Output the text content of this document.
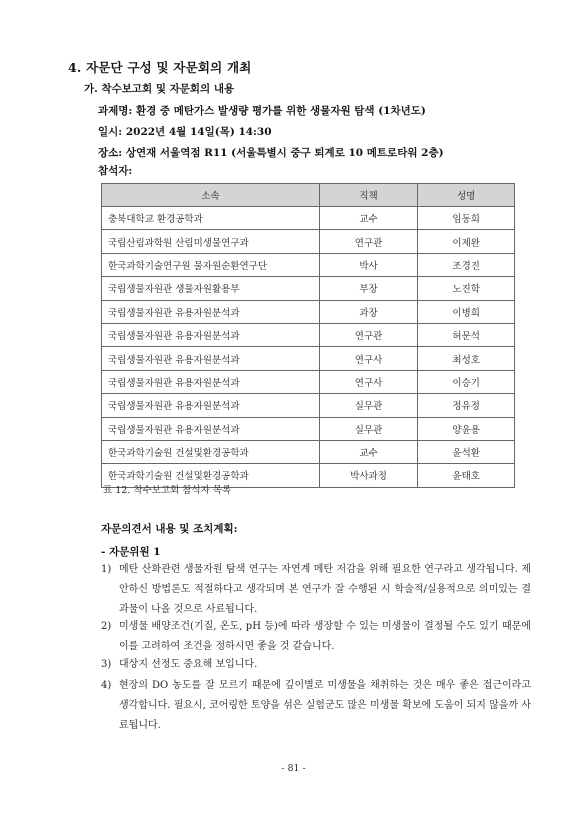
4. 자문단 구성 및 자문회의 개최
가. 착수보고회 및 자문회의 내용
과제명: 환경 중 메탄가스 발생량 평가를 위한 생물자원 탐색 (1차년도)
일시: 2022년 4월 14일(목) 14:30
장소: 상연재 서울역점 R11 (서울특별시 중구 퇴계로 10 메트로타워 2층)
참석자:
소속	직책	성명
충북대학교 환경공학과	교수	임동희
국립산림과학원 산림미생물연구과	연구관	이제완
한국과학기술연구원 물자원순환연구단	박사	조경진
국립생물자원관 생물자원활용부	부장	노진학
국립생물자원관 유용자원분석과	과장	이병희
국립생물자원관 유용자원분석과	연구관	허문석
국립생물자원관 유용자원분석과	연구사	최성호
국립생물자원관 유용자원분석과	연구사	이승기
국립생물자원관 유용자원분석과	실무관	정유정
국립생물자원관 유용자원분석과	실무관	양윤용
한국과학기술원 건설및환경공학과	교수	윤석환
한국과학기술원 건설및환경공학과	박사과정	윤태호
표 12. 착수보고회 참석자 목록
자문의견서 내용 및 조치계획:
- 자문위원 1
1) 메탄 산화관련 생물자원 탐색 연구는 자연계 메탄 저감을 위해 필요한 연구라고 생각됩니다. 제안하신 방법론도 적절하다고 생각되며 본 연구가 잘 수행된 시 학술적/실용적으로 의미있는 결과물이 나올 것으로 사료됩니다.
2) 미생물 배양조건(기질, 온도, pH 등)에 따라 생장할 수 있는 미생물이 결정될 수도 있기 때문에 이를 고려하여 조건을 정하시면 좋을 것 같습니다.
3) 대상지 선정도 중요해 보입니다.
4) 현장의 DO 농도를 잘 모르기 때문에 깊이별로 미생물을 채취하는 것은 매우 좋은 접근이라고 생각합니다. 필요시, 코어링한 토양을 섞은 실험군도 많은 미생물 확보에 도움이 되지 않을까 사료됩니다.
- 81 -
